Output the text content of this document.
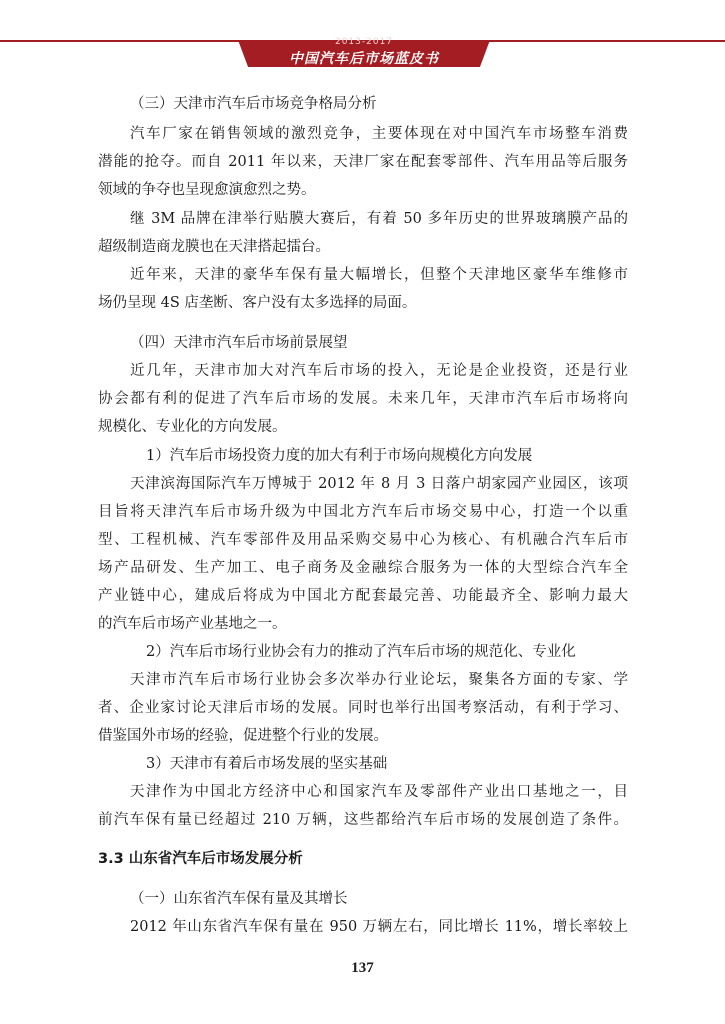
2013-2017
中国汽车后市场蓝皮书
（三）天津市汽车后市场竞争格局分析
汽车厂家在销售领域的激烈竞争，主要体现在对中国汽车市场整车消费
潜能的抢夺。而自 2011 年以来，天津厂家在配套零部件、汽车用品等后服务
领域的争夺也呈现愈演愈烈之势。
继 3M 品牌在津举行贴膜大赛后，有着 50 多年历史的世界玻璃膜产品的
超级制造商龙膜也在天津搭起擂台。
近年来，天津的豪华车保有量大幅增长，但整个天津地区豪华车维修市
场仍呈现 4S 店垄断、客户没有太多选择的局面。
（四）天津市汽车后市场前景展望
近几年，天津市加大对汽车后市场的投入，无论是企业投资，还是行业
协会都有利的促进了汽车后市场的发展。未来几年，天津市汽车后市场将向
规模化、专业化的方向发展。
1）汽车后市场投资力度的加大有利于市场向规模化方向发展
天津滨海国际汽车万博城于 2012 年 8 月 3 日落户胡家园产业园区，该项
目旨将天津汽车后市场升级为中国北方汽车后市场交易中心，打造一个以重
型、工程机械、汽车零部件及用品采购交易中心为核心、有机融合汽车后市
场产品研发、生产加工、电子商务及金融综合服务为一体的大型综合汽车全
产业链中心，建成后将成为中国北方配套最完善、功能最齐全、影响力最大
的汽车后市场产业基地之一。
2）汽车后市场行业协会有力的推动了汽车后市场的规范化、专业化
天津市汽车后市场行业协会多次举办行业论坛，聚集各方面的专家、学
者、企业家讨论天津后市场的发展。同时也举行出国考察活动，有利于学习、
借鉴国外市场的经验，促进整个行业的发展。
3）天津市有着后市场发展的坚实基础
天津作为中国北方经济中心和国家汽车及零部件产业出口基地之一，目
前汽车保有量已经超过 210 万辆，这些都给汽车后市场的发展创造了条件。
3.3 山东省汽车后市场发展分析
（一）山东省汽车保有量及其增长
2012 年山东省汽车保有量在 950 万辆左右，同比增长 11%，增长率较上
137
